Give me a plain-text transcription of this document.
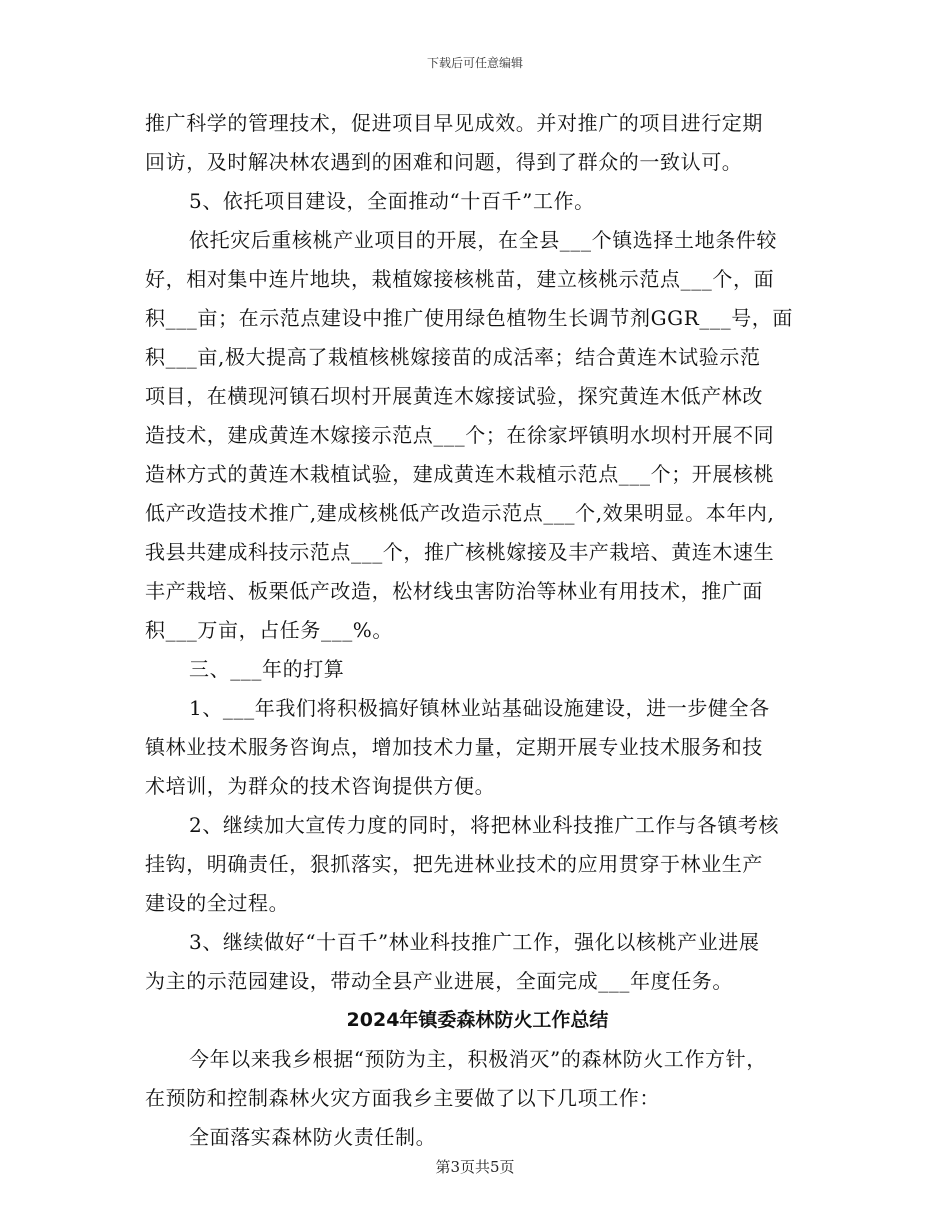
下载后可任意编辑
推广科学的管理技术，促进项目早见成效。并对推广的项目进行定期
回访，及时解决林农遇到的困难和问题，得到了群众的一致认可。
5、依托项目建设，全面推动“十百千”工作。
依托灾后重核桃产业项目的开展，在全县___个镇选择土地条件较
好，相对集中连片地块，栽植嫁接核桃苗，建立核桃示范点___个，面
积___亩；在示范点建设中推广使用绿色植物生长调节剂GGR___号，面
积___亩,极大提高了栽植核桃嫁接苗的成活率；结合黄连木试验示范
项目，在横现河镇石坝村开展黄连木嫁接试验，探究黄连木低产林改
造技术，建成黄连木嫁接示范点___个；在徐家坪镇明水坝村开展不同
造林方式的黄连木栽植试验，建成黄连木栽植示范点___个；开展核桃
低产改造技术推广,建成核桃低产改造示范点___个,效果明显。本年内,
我县共建成科技示范点___个，推广核桃嫁接及丰产栽培、黄连木速生
丰产栽培、板栗低产改造，松材线虫害防治等林业有用技术，推广面
积___万亩，占任务___%。
三、___年的打算
1、___年我们将积极搞好镇林业站基础设施建设，进一步健全各
镇林业技术服务咨询点，增加技术力量，定期开展专业技术服务和技
术培训，为群众的技术咨询提供方便。
2、继续加大宣传力度的同时，将把林业科技推广工作与各镇考核
挂钩，明确责任，狠抓落实，把先进林业技术的应用贯穿于林业生产
建设的全过程。
3、继续做好“十百千”林业科技推广工作，强化以核桃产业进展
为主的示范园建设，带动全县产业进展，全面完成___年度任务。
2024年镇委森林防火工作总结
今年以来我乡根据“预防为主，积极消灭”的森林防火工作方针，
在预防和控制森林火灾方面我乡主要做了以下几项工作：
全面落实森林防火责任制。
第3页共5页
